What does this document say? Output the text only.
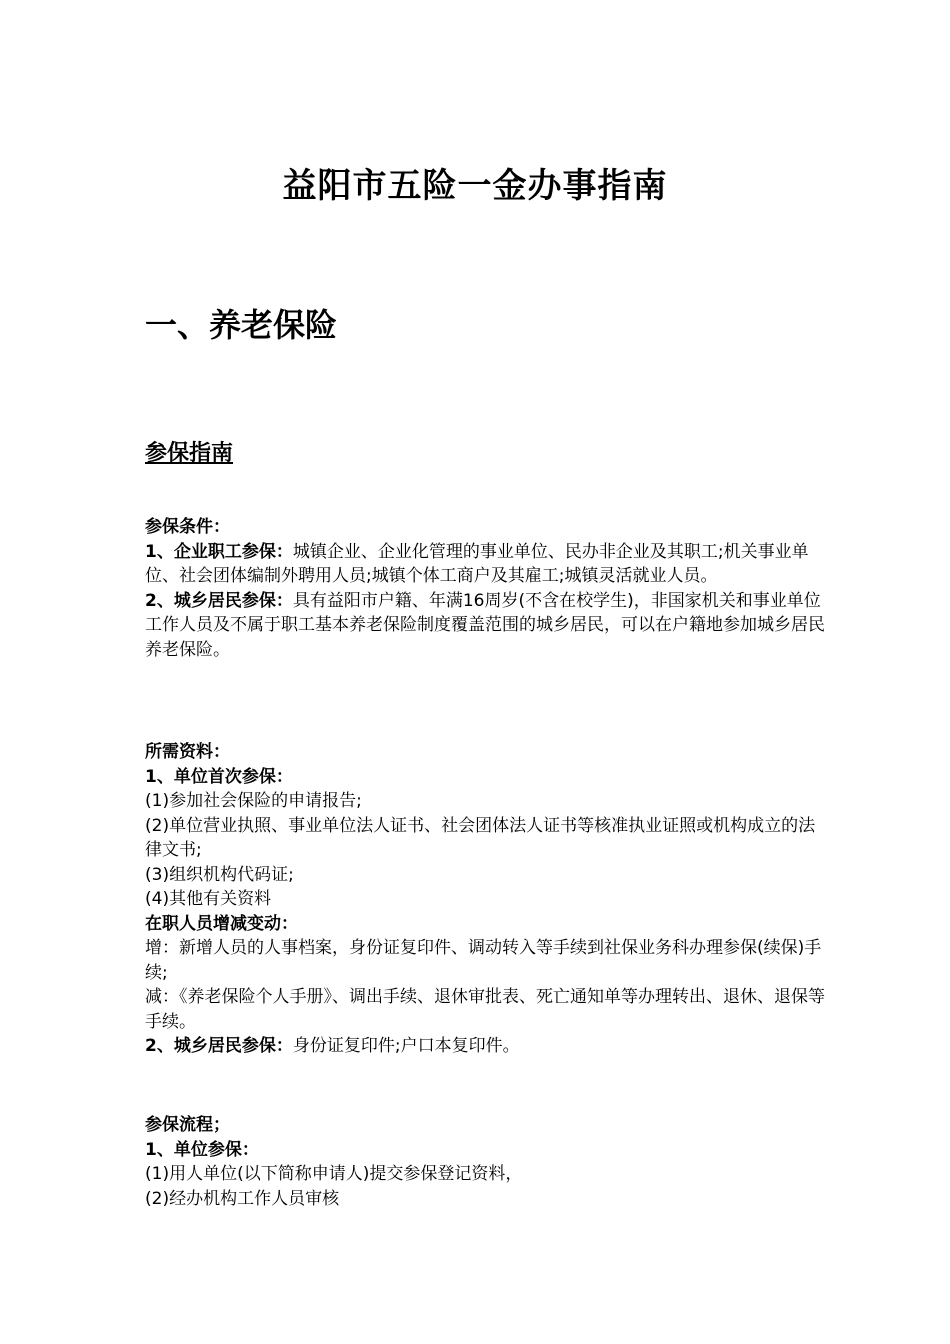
益阳市五险一金办事指南
一、养老保险
参保指南

参保条件：

1、企业职工参保：城镇企业、企业化管理的事业单位、民办非企业及其职工;机关事业单位、社会团体编制外聘用人员;城镇个体工商户及其雇工;城镇灵活就业人员。

2、城乡居民参保：具有益阳市户籍、年满16周岁(不含在校学生)，非国家机关和事业单位工作人员及不属于职工基本养老保险制度覆盖范围的城乡居民，可以在户籍地参加城乡居民养老保险。

所需资料：

1、单位首次参保：

(1)参加社会保险的申请报告;

(2)单位营业执照、事业单位法人证书、社会团体法人证书等核准执业证照或机构成立的法律文书;

(3)组织机构代码证;

(4)其他有关资料

在职人员增减变动：

增：新增人员的人事档案，身份证复印件、调动转入等手续到社保业务科办理参保(续保)手续;

减：《养老保险个人手册》、调出手续、退休审批表、死亡通知单等办理转出、退休、退保等手续。

2、城乡居民参保：身份证复印件;户口本复印件。

参保流程；

1、单位参保：

(1)用人单位(以下简称申请人)提交参保登记资料，

(2)经办机构工作人员审核
